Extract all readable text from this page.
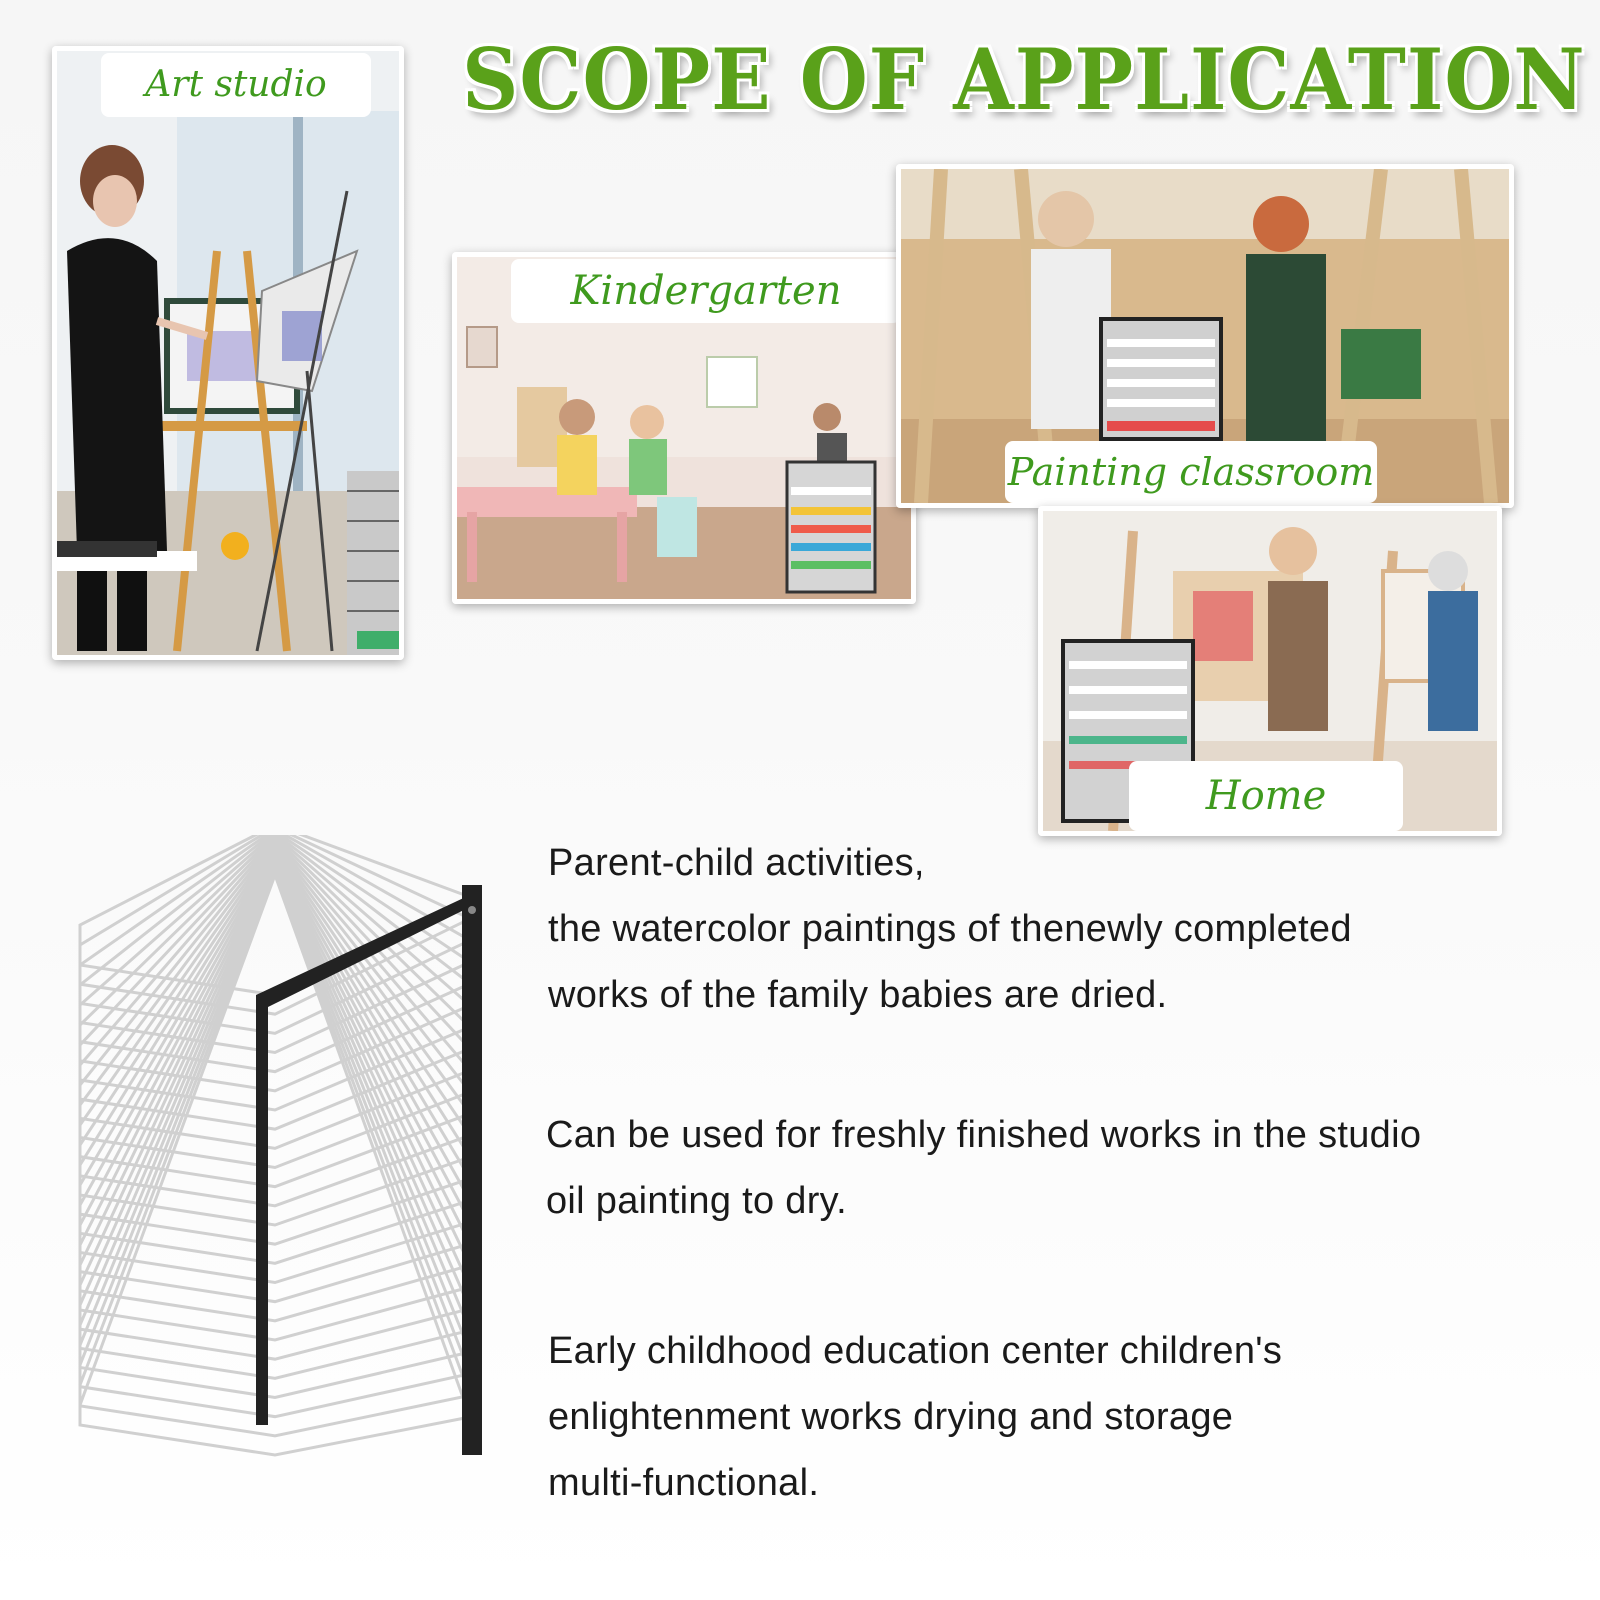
SCOPE OF APPLICATION
Art studio
Kindergarten
Painting classroom
Home

Parent-child activities,

the watercolor paintings of thenewly completed

works of the family babies are dried.

Can be used for freshly finished works in the studio

oil painting to dry.

Early childhood education center children's

enlightenment works drying and storage

multi-functional.
